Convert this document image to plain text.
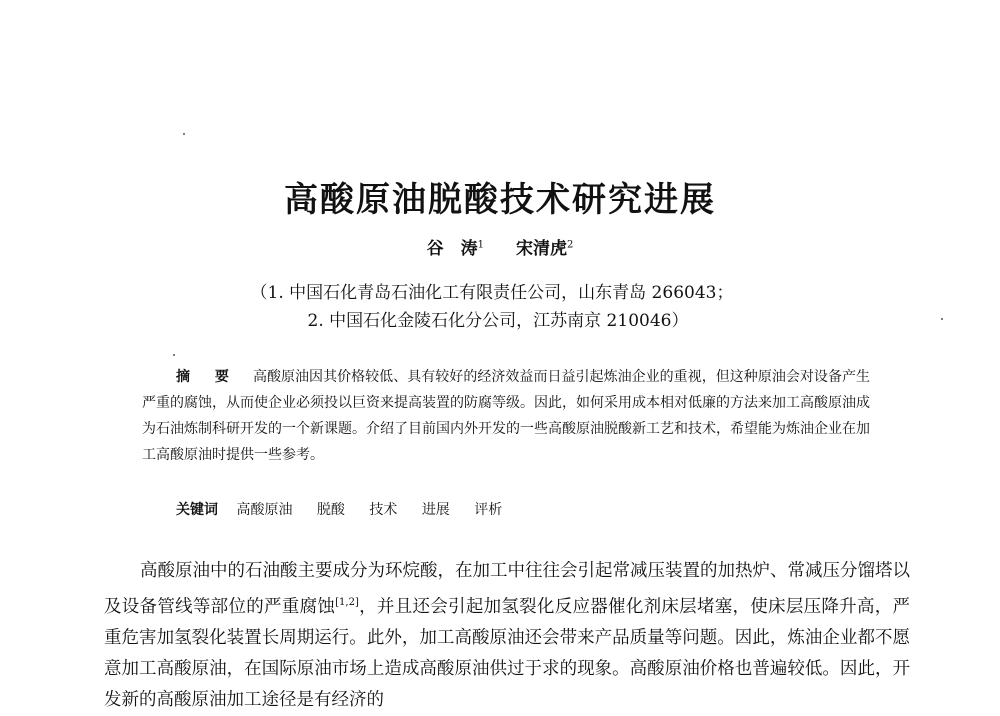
高酸原油脱酸技术研究进展
谷　涛$^1$ 宋清虎$^2$
（1. 中国石化青岛石油化工有限责任公司，山东青岛 266043；
2. 中国石化金陵石化分公司，江苏南京 210046）
摘 要 高酸原油因其价格较低、具有较好的经济效益而日益引起炼油企业的重视，但这种原油会对设备产生严重的腐蚀，从而使企业必须投以巨资来提高装置的防腐等级。因此，如何采用成本相对低廉的方法来加工高酸原油成为石油炼制科研开发的一个新课题。介绍了目前国内外开发的一些高酸原油脱酸新工艺和技术，希望能为炼油企业在加工高酸原油时提供一些参考。
关键词 高酸原油 脱酸 技术 进展 评析
高酸原油中的石油酸主要成分为环烷酸，在加工中往往会引起常减压装置的加热炉、常减压分馏塔以及设备管线等部位的严重腐蚀[1,2]，并且还会引起加氢裂化反应器催化剂床层堵塞，使床层压降升高，严重危害加氢裂化装置长周期运行。此外，加工高酸原油还会带来产品质量等问题。因此，炼油企业都不愿意加工高酸原油，在国际原油市场上造成高酸原油供过于求的现象。高酸原油价格也普遍较低。因此，开发新的高酸原油加工途径是有经济的
